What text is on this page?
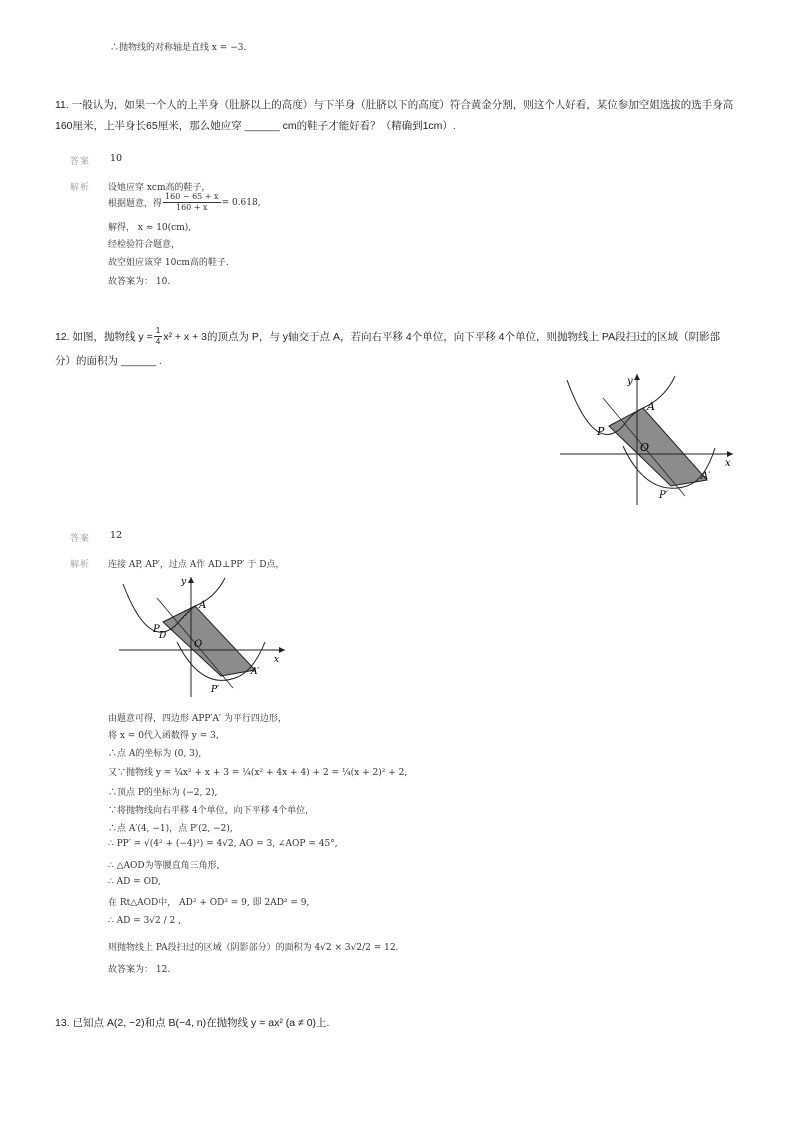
∴抛物线的对称轴是直线 x = −3.
11. 一般认为，如果一个人的上半身（肚脐以上的高度）与下半身（肚脐以下的高度）符合黄金分割，则这个人好看，某位参加空姐选拔的选手身高
160厘米，上半身长65厘米，那么她应穿 ______ cm的鞋子才能好看？（精确到1cm）.
答案 10
解析 设她应穿 xcm高的鞋子，
根据题意，得 $\frac{160 - 65 + x}{160 + x} = 0.618$,
解得， x ≈ 10(cm),
经检验符合题意，
故空姐应该穿 10cm高的鞋子.
故答案为： 10.
12. 如图，抛物线 $y = \frac{1}{4} x^2 + x + 3$的顶点为 P，与 y轴交于点 A，若向右平移 4个单位，向下平移 4个单位，则抛物线上 PA段扫过的区域（阴影部
分）的面积为 ______ .
A
P
O
A′
P′
x
y
答案 12
解析 连接 AP, AP′，过点 A作 AD⊥PP′ 于 D点，
A
P
D
O
A′
P′
x
y
由题意可得，四边形 APP′A′ 为平行四边形，
将 x = 0代入函数得 y = 3,
∴点 A的坐标为 (0, 3),
又∵抛物线 y = ¼x² + x + 3 = ¼(x² + 4x + 4) + 2 = ¼(x + 2)² + 2,
∴顶点 P的坐标为 (−2, 2),
∵将抛物线向右平移 4个单位，向下平移 4个单位，
∴点 A′(4, −1)，点 P′(2, −2),
∴ PP′ = √(4² + (−4)²) = 4√2, AO = 3, ∠AOP = 45°,
∴ △AOD为等腰直角三角形,
∴ AD = OD,
在 Rt△AOD中， AD² + OD² = 9, 即 2AD² = 9,
∴ AD = 3√2 / 2 ,
则抛物线上 PA段扫过的区域（阴影部分）的面积为 4√2 × 3√2/2 = 12.
故答案为： 12.
13. 已知点 A(2, −2)和点 B(−4, n)在抛物线 y = ax² (a ≠ 0)上.
